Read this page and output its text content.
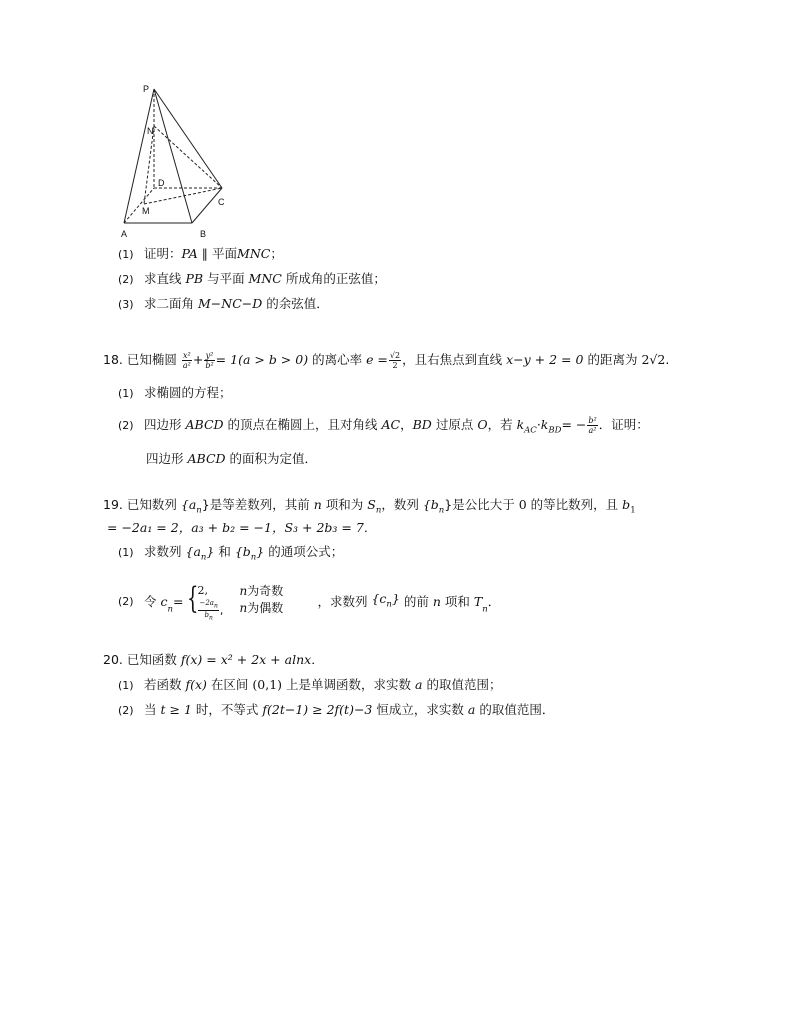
P
N
D
C
M
A	B
(1) 证明：PA ∥ 平面MNC；
(2) 求直线 PB 与平面 MNC 所成角的正弦值；
(3) 求二面角 M−NC−D 的余弦值．
18. 已知椭圆 $\frac{\text{x²}}{\text{a²}} + \frac{\text{y²}}{\text{b²}} = 1(a > b > 0)$ 的离心率 $e = \frac{√2}{2}$ ，且右焦点到直线 x−y + 2 = 0 的距离为 2√2.
(1) 求椭圆的方程；
(2) 四边形 ABCD 的顶点在椭圆上，且对角线 AC，BD 过原点 O，若 $k_{AC}\cdot k_{BD}= - \frac{\text{b²}}{\text{a²}}$ ．证明：
四边形 ABCD 的面积为定值．
19. 已知数列 $\{a_n\}$是等差数列，其前 n 项和为 $S_n$，数列 $\{b_n\}$是公比大于 0 的等比数列，且 $b_1$
= −2a₁ = 2，a₃ + b₂ = −1，S₃ + 2b₃ = 7．
(1) 求数列 $\{a_n\}$ 和 $\{b_n\}$ 的通项公式；
(2) 令 $c_n=$ {
2,
$\frac{-2a_n}{b_n}$ ,
n为奇数
n为偶数	，求数列 $\{c_n\}$ 的前 n 项和 $T_n$．
20. 已知函数 f(x) = x² + 2x + alnx．
(1) 若函数 f(x) 在区间 (0,1) 上是单调函数，求实数 a 的取值范围；
(2) 当 t ≥ 1 时，不等式 f(2t−1) ≥ 2f(t)−3 恒成立，求实数 a 的取值范围．
